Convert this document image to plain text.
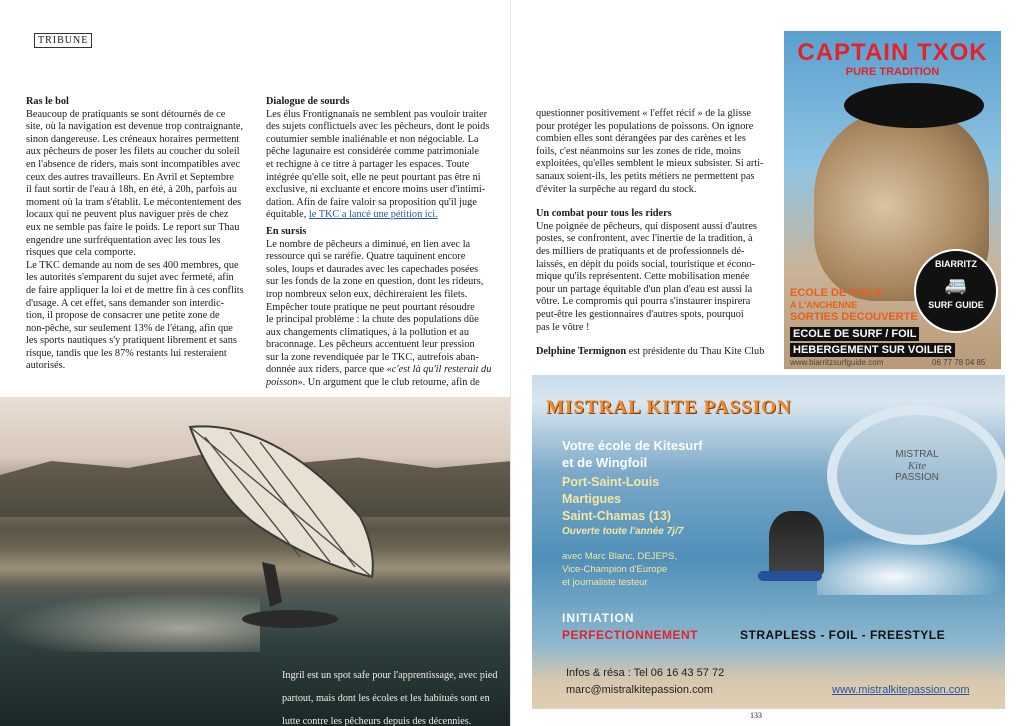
TRIBUNE
Ras le bol

Beaucoup de pratiquants se sont détournés de ce

site, où la navigation est devenue trop contraignante,

sinon dangereuse. Les créneaux horaires permettent

aux pêcheurs de poser les filets au coucher du soleil

en l'absence de riders, mais sont incompatibles avec

ceux des autres travailleurs. En Avril et Septembre

il faut sortir de l'eau à 18h, en été, à 20h, parfois au

moment où la tram s'établit. Le mécontentement des

locaux qui ne peuvent plus naviguer près de chez

eux ne semble pas faire le poids. Le report sur Thau

engendre une surfréquentation avec les tous les

risques que cela comporte.

Le TKC demande au nom de ses 400 membres, que

les autorités s'emparent du sujet avec fermeté, afin

de faire appliquer la loi et de mettre fin à ces conflits

d'usage. A cet effet, sans demander son interdic-

tion, il propose de consacrer une petite zone de

non-pêche, sur seulement 13% de l'étang, afin que

les sports nautiques s'y pratiquent librement et sans

risque, tandis que les 87% restants lui resteraient

autorisés.

Dialogue de sourds

Les élus Frontignanais ne semblent pas vouloir traiter

des sujets conflictuels avec les pêcheurs, dont le poids

coutumier semble inaliénable et non négociable. La

pêche lagunaire est considérée comme patrimoniale

et rechigne à ce titre à partager les espaces. Toute

intégrée qu'elle soit, elle ne peut pourtant pas être ni

exclusive, ni excluante et encore moins user d'intimi-

dation. Afin de faire valoir sa proposition qu'il juge

équitable, le TKC a lancé une pétition ici.

En sursis

Le nombre de pêcheurs a diminué, en lien avec la

ressource qui se raréfie. Quatre taquinent encore

soles, loups et daurades avec les capechades posées

sur les fonds de la zone en question, dont les rideurs,

trop nombreux selon eux, déchireraient les filets.

Empêcher toute pratique ne peut pourtant résoudre

le principal problème : la chute des populations dûe

aux changements climatiques, à la pollution et au

braconnage. Les pêcheurs accentuent leur pression

sur la zone revendiquée par le TKC, autrefois aban-

donnée aux riders, parce que «c'est là qu'il resterait du

poisson». Un argument que le club retourne, afin de

Ingril est un spot safe pour l'apprentissage, avec pied

partout, mais dont les écoles et les habitués sont en

lutte contre les pêcheurs depuis des décennies.

questionner positivement « l'effet récif » de la glisse

pour protéger les populations de poissons. On ignore

combien elles sont dérangées par des carènes et les

foils, c'est néanmoins sur les zones de ride, moins

exploitées, qu'elles semblent le mieux subsister. Si arti-

sanaux soient-ils, les petits métiers ne permettent pas

d'éviter la surpêche au regard du stock.

Un combat pour tous les riders

Une poignée de pêcheurs, qui disposent aussi d'autres

postes, se confrontent, avec l'inertie de la tradition, à

des milliers de pratiquants et de professionnels dé-

laissés, en dépit du poids social, touristique et écono-

mique qu'ils représentent. Cette mobilisation menée

pour un partage équitable d'un plan d'eau est aussi la

vôtre. Le compromis qui pourra s'instaurer inspirera

peut-être les gestionnaires d'autres spots, pourquoi

pas le vôtre !

Delphine Termignon est présidente du Thau Kite Club

CAPTAIN TXOK
PURE TRADITION
ECOLE DE VOILE
A L'ANCHENNE
SORTIES DECOUVERTE
ECOLE DE SURF / FOIL
HEBERGEMENT SUR VOILIER
www.biarritzsurfguide.com	06 77 78 04 85
BIARRITZ
🚐
SURF GUIDE
MISTRAL
Kite
PASSION
MISTRAL KITE PASSION
Votre école de Kitesurf
et de Wingfoil
Port-Saint-Louis
Martigues
Saint-Chamas (13)
Ouverte toute l'année 7j/7
avec Marc Blanc, DEJEPS,
Vice-Champion d'Europe
et journaliste testeur
INITIATION
PERFECTIONNEMENT	STRAPLESS - FOIL - FREESTYLE
Infos & résa : Tel 06 16 43 57 72
marc@mistralkitepassion.com	www.mistralkitepassion.com
133
